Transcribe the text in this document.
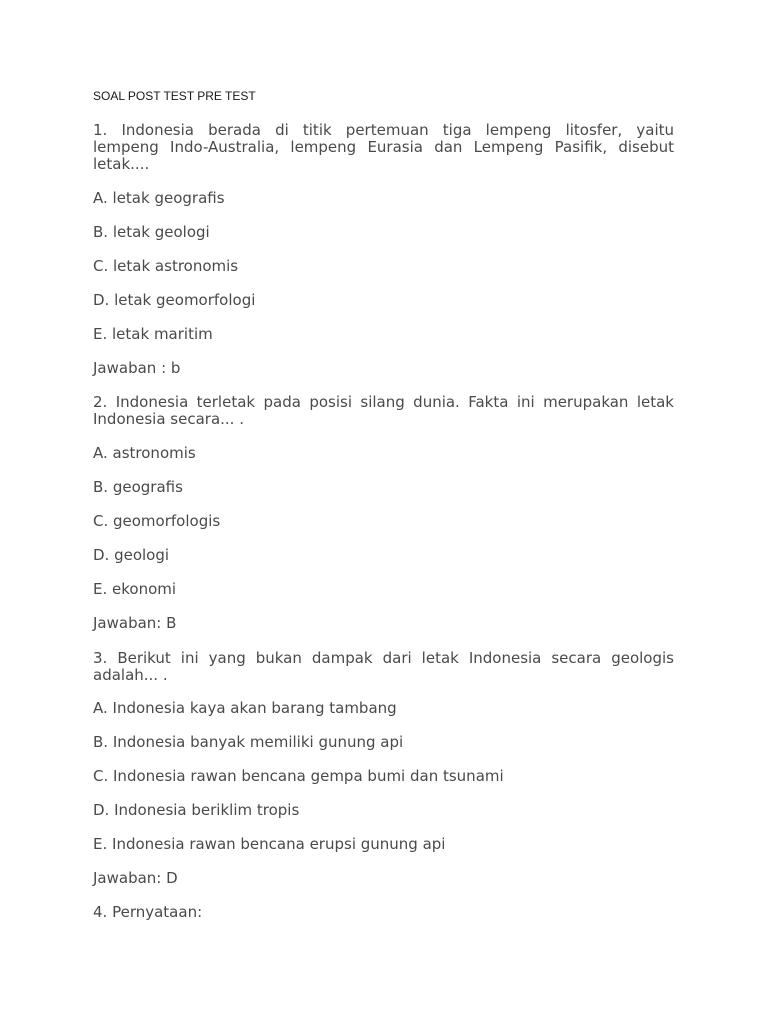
SOAL POST TEST PRE TEST
1. Indonesia berada di titik pertemuan tiga lempeng litosfer, yaitu
lempeng Indo-Australia, lempeng Eurasia dan Lempeng Pasifik, disebut
letak....
A. letak geografis
B. letak geologi
C. letak astronomis
D. letak geomorfologi
E. letak maritim
Jawaban : b
2. Indonesia terletak pada posisi silang dunia. Fakta ini merupakan letak
Indonesia secara... .
A. astronomis
B. geografis
C. geomorfologis
D. geologi
E. ekonomi
Jawaban: B
3. Berikut ini yang bukan dampak dari letak Indonesia secara geologis
adalah... .
A. Indonesia kaya akan barang tambang
B. Indonesia banyak memiliki gunung api
C. Indonesia rawan bencana gempa bumi dan tsunami
D. Indonesia beriklim tropis
E. Indonesia rawan bencana erupsi gunung api
Jawaban: D
4. Pernyataan:
